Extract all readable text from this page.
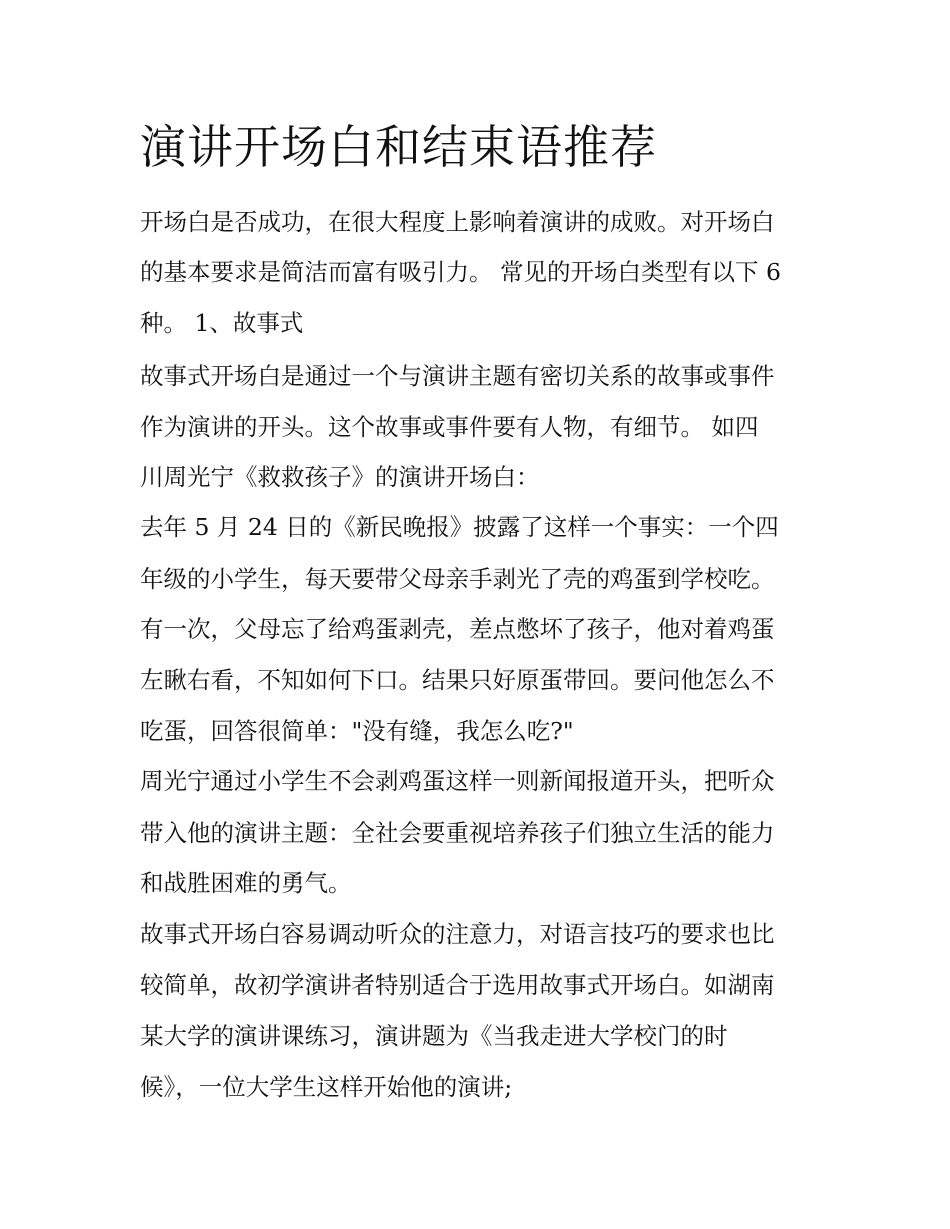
演讲开场白和结束语推荐
开场白是否成功，在很大程度上影响着演讲的成败。对开场白
的基本要求是简洁而富有吸引力。 常见的开场白类型有以下 6
种。 1、故事式
故事式开场白是通过一个与演讲主题有密切关系的故事或事件
作为演讲的开头。这个故事或事件要有人物，有细节。 如四
川周光宁《救救孩子》的演讲开场白：
去年 5 月 24 日的《新民晚报》披露了这样一个事实：一个四
年级的小学生，每天要带父母亲手剥光了壳的鸡蛋到学校吃。
有一次，父母忘了给鸡蛋剥壳，差点憋坏了孩子，他对着鸡蛋
左瞅右看，不知如何下口。结果只好原蛋带回。要问他怎么不
吃蛋，回答很简单："没有缝，我怎么吃?"
周光宁通过小学生不会剥鸡蛋这样一则新闻报道开头，把听众
带入他的演讲主题：全社会要重视培养孩子们独立生活的能力
和战胜困难的勇气。
故事式开场白容易调动听众的注意力，对语言技巧的要求也比
较简单，故初学演讲者特别适合于选用故事式开场白。如湖南
某大学的演讲课练习，演讲题为《当我走进大学校门的时
候》，一位大学生这样开始他的演讲;
